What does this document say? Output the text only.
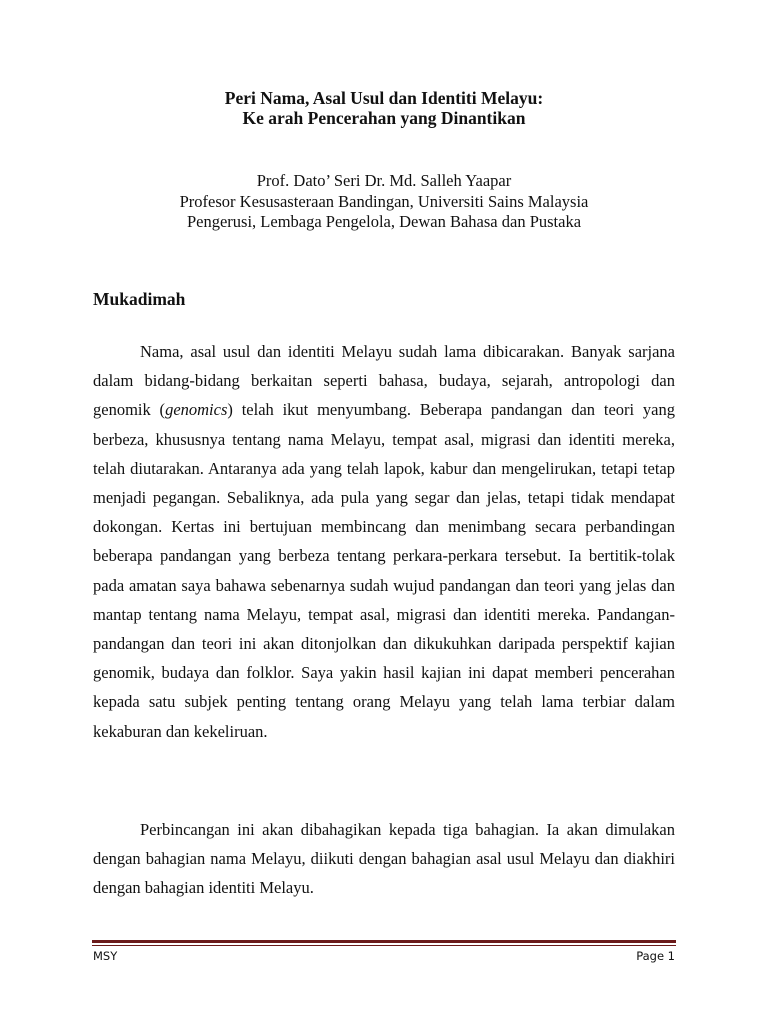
Peri Nama, Asal Usul dan Identiti Melayu:
Ke arah Pencerahan yang Dinantikan
Prof. Dato’ Seri Dr. Md. Salleh Yaapar
Profesor Kesusasteraan Bandingan, Universiti Sains Malaysia
Pengerusi, Lembaga Pengelola, Dewan Bahasa dan Pustaka
Mukadimah

Nama, asal usul dan identiti Melayu sudah lama dibicarakan. Banyak sarjana dalam bidang-bidang berkaitan seperti bahasa, budaya, sejarah, antropologi dan genomik (genomics) telah ikut menyumbang. Beberapa pandangan dan teori yang berbeza, khususnya tentang nama Melayu, tempat asal, migrasi dan identiti mereka, telah diutarakan. Antaranya ada yang telah lapok, kabur dan mengelirukan, tetapi tetap menjadi pegangan. Sebaliknya, ada pula yang segar dan jelas, tetapi tidak mendapat dokongan. Kertas ini bertujuan membincang dan menimbang secara perbandingan beberapa pandangan yang berbeza tentang perkara-perkara tersebut. Ia bertitik-tolak pada amatan saya bahawa sebenarnya sudah wujud pandangan dan teori yang jelas dan mantap tentang nama Melayu, tempat asal, migrasi dan identiti mereka. Pandangan-pandangan dan teori ini akan ditonjolkan dan dikukuhkan daripada perspektif kajian genomik, budaya dan folklor. Saya yakin hasil kajian ini dapat memberi pencerahan kepada satu subjek penting tentang orang Melayu yang telah lama terbiar dalam kekaburan dan kekeliruan.

Perbincangan ini akan dibahagikan kepada tiga bahagian. Ia akan dimulakan dengan bahagian nama Melayu, diikuti dengan bahagian asal usul Melayu dan diakhiri dengan bahagian identiti Melayu.

MSY	Page 1
